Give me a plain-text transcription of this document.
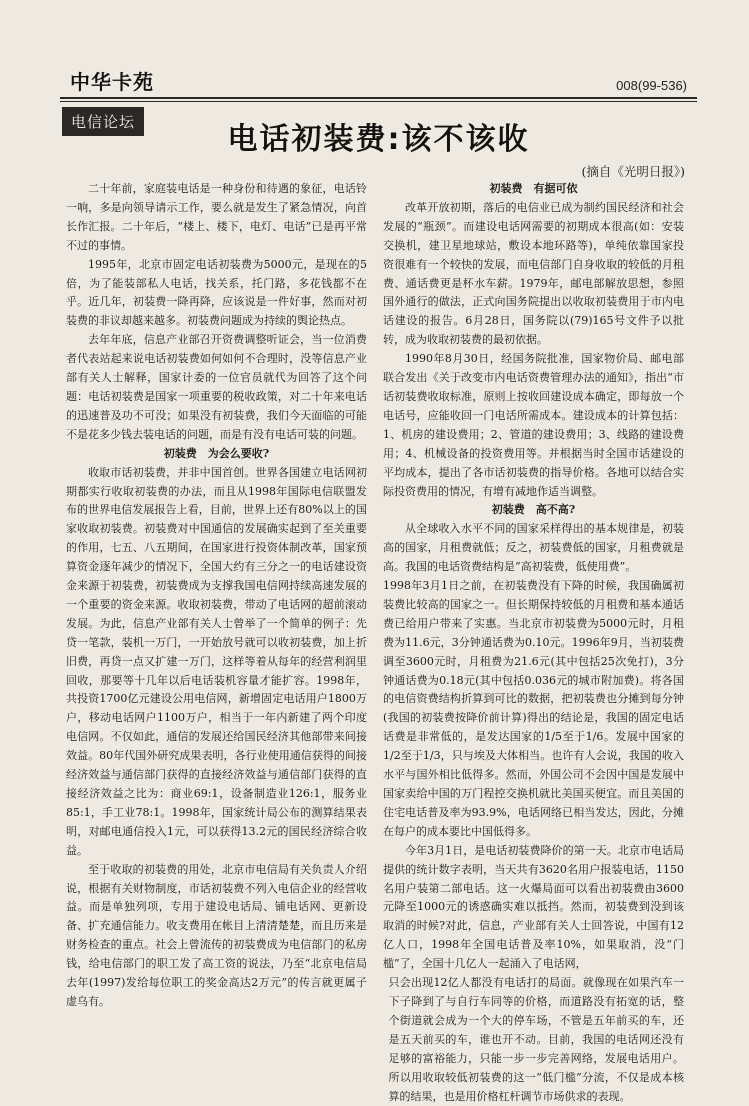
中华卡苑	008(99-536)
电信论坛	电话初装费:该不该收
(摘自《光明日报》)

二十年前，家庭装电话是一种身份和待遇的象征，电话铃一响，多是向领导请示工作，要么就是发生了紧急情况，向首长作汇报。二十年后，“楼上、楼下，电灯、电话”已是再平常不过的事情。

1995年，北京市固定电话初装费为5000元，是现在的5倍，为了能装部私人电话，找关系，托门路，多花钱都不在乎。近几年，初装费一降再降，应该说是一件好事，然而对初装费的非议却越来越多。初装费问题成为持续的舆论热点。

去年年底，信息产业部召开资费调整听证会，当一位消费者代表站起来说电话初装费如何如何不合理时，没等信息产业部有关人士解释，国家计委的一位官员就代为回答了这个问题：电话初装费是国家一项重要的税收政策，对二十年来电话的迅速普及功不可没；如果没有初装费，我们今天面临的可能不是花多少钱去装电话的问题，而是有没有电话可装的问题。

初装费　为会么要收?

收取市话初装费，并非中国首创。世界各国建立电话网初期都实行收取初装费的办法，而且从1998年国际电信联盟发布的世界电信发展报告上看，目前，世界上还有80%以上的国家收取初装费。初装费对中国通信的发展确实起到了至关重要的作用，七五、八五期间，在国家进行投资体制改革，国家预算资金逐年减少的情况下，全国大约有三分之一的电话建设资金来源于初装费，初装费成为支撑我国电信网持续高速发展的一个重要的资金来源。收取初装费，带动了电话网的超前滚动发展。为此，信息产业部有关人士曾举了一个简单的例子：先贷一笔款，装机一万门，一开始放号就可以收初装费，加上折旧费，再贷一点又扩建一万门，这样等着从每年的经营利润里回收，那要等十几年以后电话装机容量才能扩容。1998年，共投资1700亿元建设公用电信网，新增固定电话用户1800万户，移动电话网户1100万户，相当于一年内新建了两个印度电信网。不仅如此，通信的发展还给国民经济其他部带来间接效益。80年代国外研究成果表明，各行业使用通信获得的间接经济效益与通信部门获得的直接经济效益与通信部门获得的直接经济效益之比为：商业69:1，设备制造业126:1，服务业85:1，手工业78:1。1998年，国家统计局公布的测算结果表明，对邮电通信投入1元，可以获得13.2元的国民经济综合收益。

至于收取的初装费的用处，北京市电信局有关负责人介绍说，根据有关财物制度，市话初装费不列入电信企业的经营收益。而是单独列项，专用于建设电话局、铺电话网、更新设备、扩充通信能力。收支费用在帐目上清清楚楚，而且历来是财务检查的重点。社会上曾流传的初装费成为电信部门的私房钱，给电信部门的职工发了高工资的说法，乃至“北京电信局去年(1997)发给每位职工的奖金高达2万元”的传言就更属子虚乌有。

初装费　有据可依

改革开放初期，落后的电信业已成为制约国民经济和社会发展的“瓶颈”。而建设电话网需要的初期成本很高(如：安装交换机，建卫星地球站，敷设本地环路等)，单纯依靠国家投资很难有一个较快的发展，而电信部门自身收取的较低的月租费、通话费更是杯水车薪。1979年，邮电部解放思想，参照国外通行的做法，正式向国务院提出以收取初装费用于市内电话建设的报告。6月28日，国务院以(79)165号文件予以批转，成为收取初装费的最初依据。

1990年8月30日，经国务院批准，国家物价局、邮电部联合发出《关于改变市内电话资费管理办法的通知》，指出“市话初装费收取标准，原则上按收回建设成本确定，即每放一个电话号，应能收回一门电话所需成本。建设成本的计算包括：1、机房的建设费用；2、管道的建设费用；3、线路的建设费用；4、机械设备的投资费用等。并根据当时全国市话建设的平均成本，提出了各市话初装费的指导价格。各地可以结合实际投资费用的情况，有增有减地作适当调整。

初装费　高不高?

从全球收入水平不同的国家采样得出的基本规律是，初装高的国家，月租费就低；反之，初装费低的国家，月租费就是高。我国的电话资费结构是“高初装费，低使用费”。

1998年3月1日之前，在初装费没有下降的时候，我国确属初装费比较高的国家之一。但长期保持较低的月租费和基本通话费已给用户带来了实惠。当北京市初装费为5000元时，月租费为11.6元，3分钟通话费为0.10元。1996年9月，当初装费调至3600元时，月租费为21.6元(其中包括25次免打)，3分钟通话费为0.18元(其中包括0.036元的城市附加费)。将各国的电信资费结构折算到可比的数据，把初装费也分摊到每分钟(我国的初装费按降价前计算)得出的结论是，我国的固定电话话费是非常低的，是发达国家的1/5至于1/6。发展中国家的1/2至于1/3，只与埃及大体相当。也许有人会说，我国的收入水平与国外相比低得多。然而，外国公司不会因中国是发展中国家卖给中国的万门程控交换机就比美国买便宜。而且美国的住宅电话普及率为93.9%，电话网络已相当发达，因此，分摊在每户的成本要比中国低得多。

今年3月1日，是电话初装费降价的第一天。北京市电话局提供的统计数字表明，当天共有3620名用户报装电话，1150名用户装第二部电话。这一火爆局面可以看出初装费由3600元降至1000元的诱惑确实难以抵挡。然而，初装费到没到该取消的时候?对此，信息，产业部有关人士回答说，中国有12亿人口，1998年全国电话普及率10%，如果取消，没“门槛”了，全国十几亿人一起涌入了电话网，

只会出现12亿人都没有电话打的局面。就像现在如果汽车一下子降到了与自行车同等的价格，而道路没有拓宽的话，整个街道就会成为一个大的停车场，不管是五年前买的车，还是五天前买的车，谁也开不动。目前，我国的电话网还没有足够的富裕能力，只能一步一步完善网络，发展电话用户。所以用收取较低初装费的这一“低门槛”分流，不仅是成本核算的结果，也是用价格杠杆调节市场供求的表现。
